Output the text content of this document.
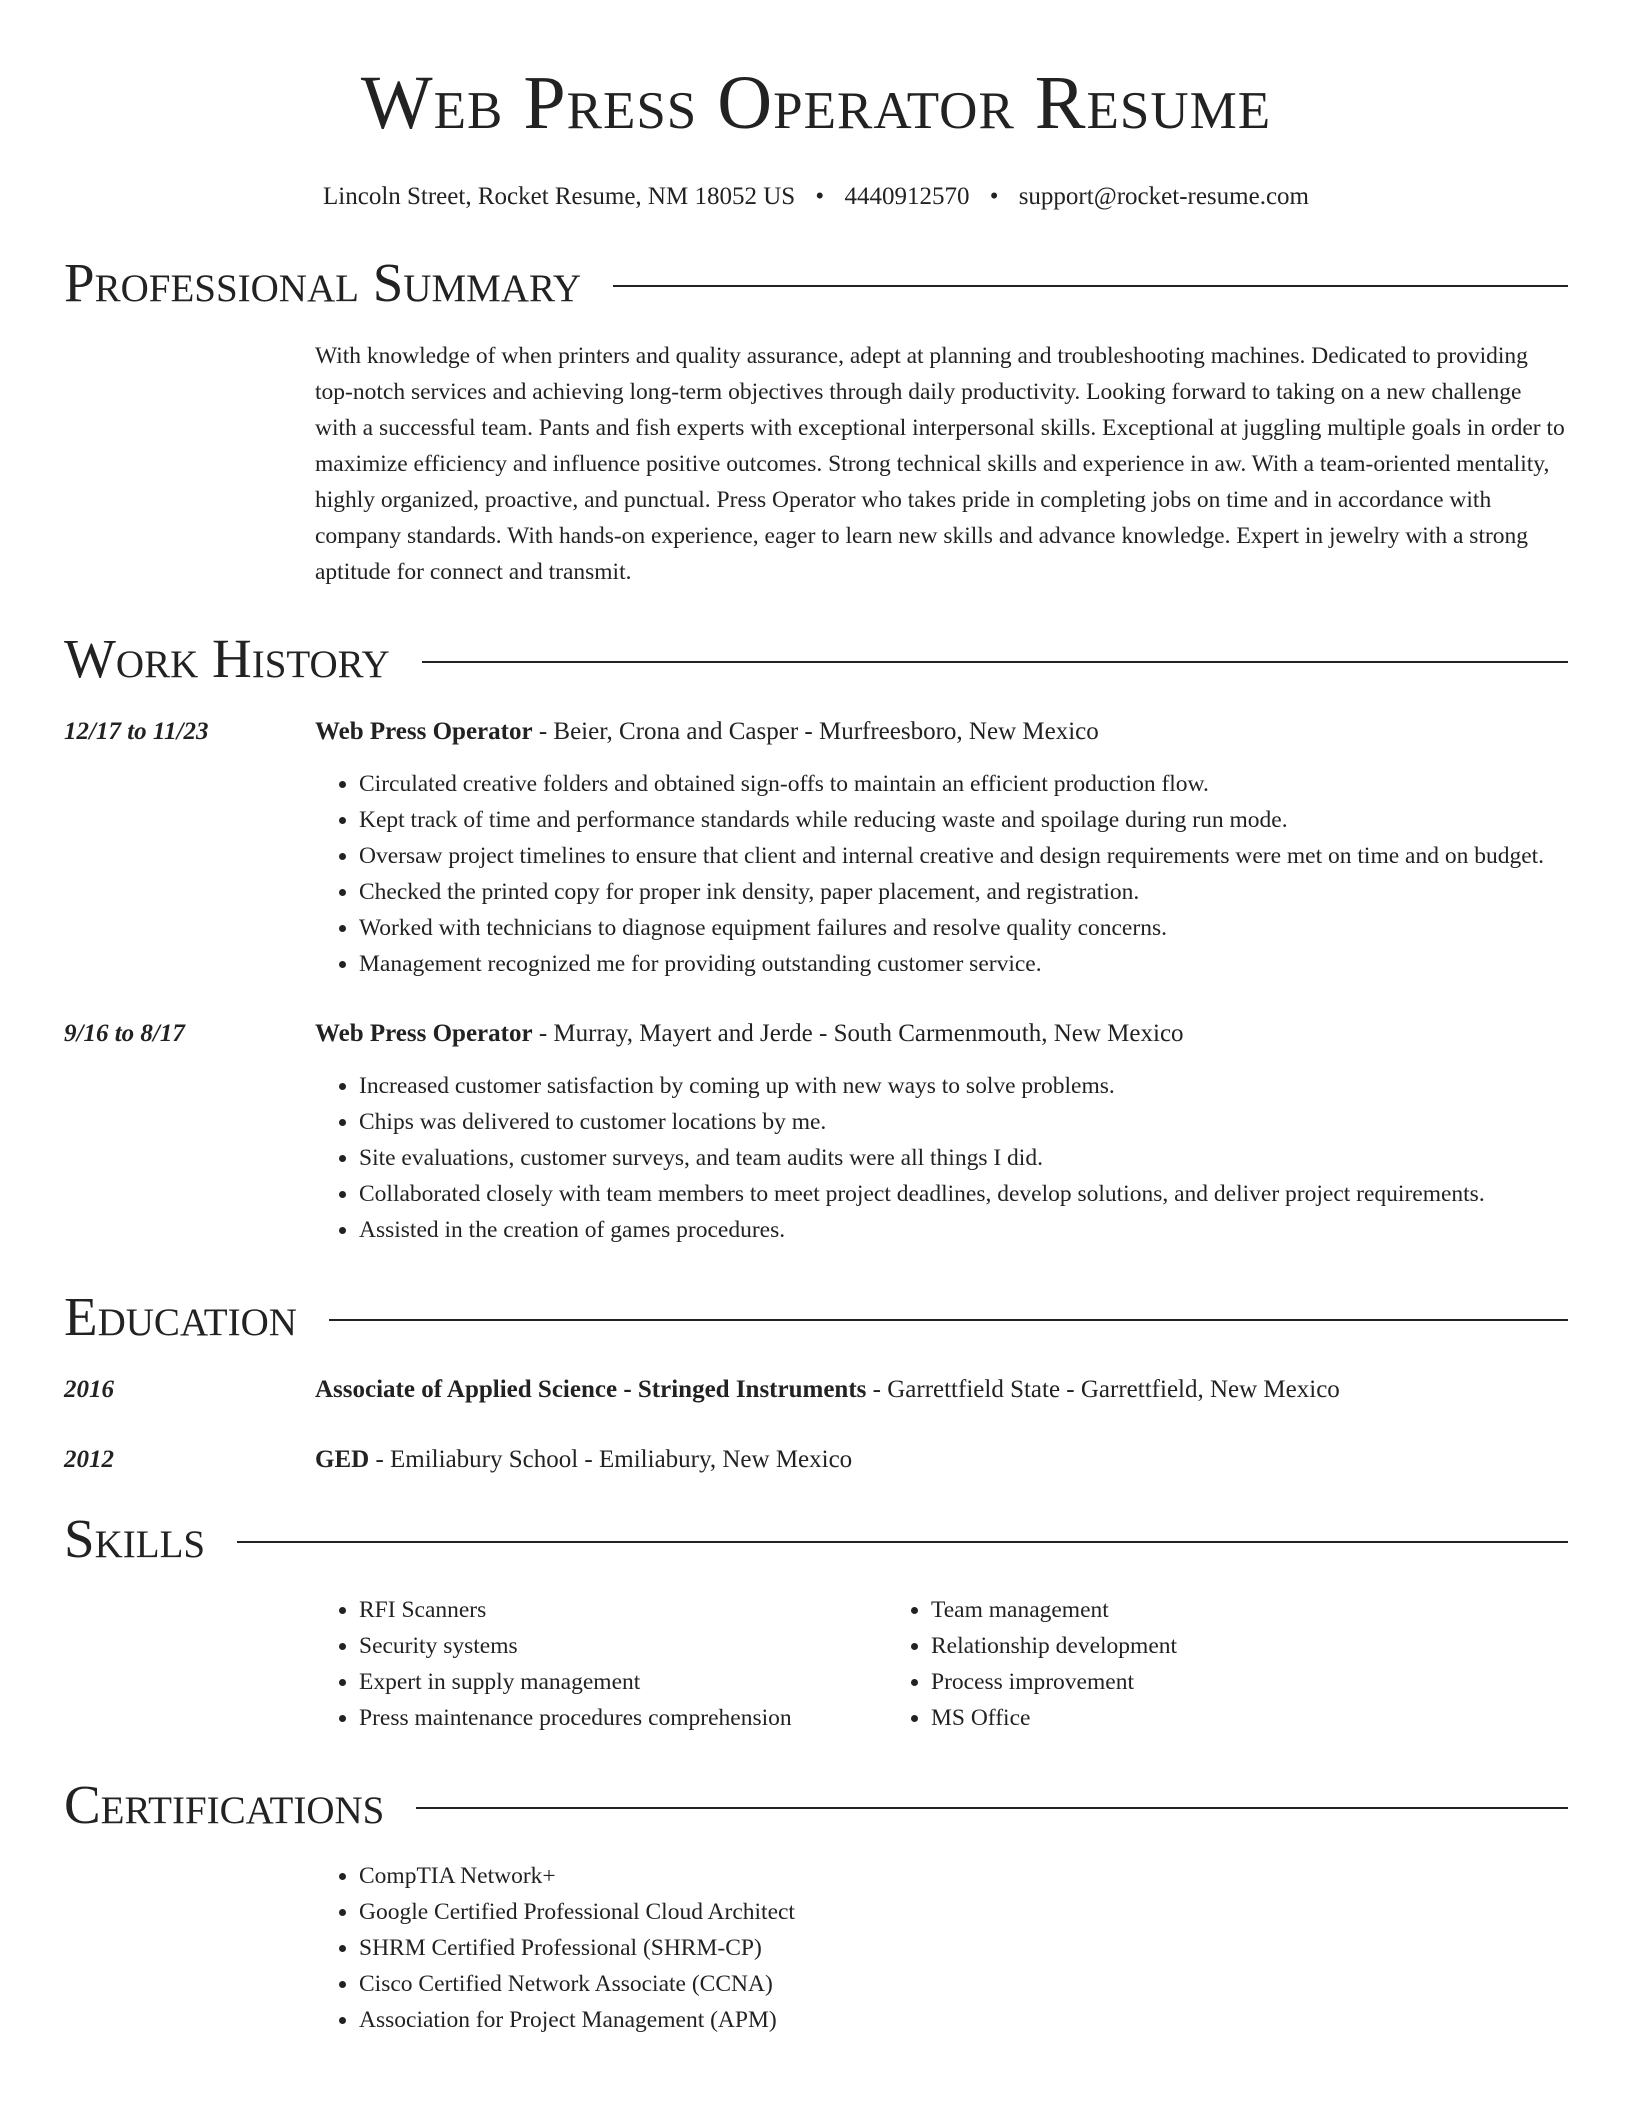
Web Press Operator Resume
Lincoln Street, Rocket Resume, NM 18052 US • 4440912570 • support@rocket-resume.com
Professional Summary
With knowledge of when printers and quality assurance, adept at planning and troubleshooting machines. Dedicated to providing top-notch services and achieving long-term objectives through daily productivity. Looking forward to taking on a new challenge with a successful team. Pants and fish experts with exceptional interpersonal skills. Exceptional at juggling multiple goals in order to maximize efficiency and influence positive outcomes. Strong technical skills and experience in aw. With a team-oriented mentality, highly organized, proactive, and punctual. Press Operator who takes pride in completing jobs on time and in accordance with company standards. With hands-on experience, eager to learn new skills and advance knowledge. Expert in jewelry with a strong aptitude for connect and transmit.
Work History
12/17 to 11/23	Web Press Operator - Beier, Crona and Casper - Murfreesboro, New Mexico
• Circulated creative folders and obtained sign-offs to maintain an efficient production flow.
• Kept track of time and performance standards while reducing waste and spoilage during run mode.
• Oversaw project timelines to ensure that client and internal creative and design requirements were met on time and on budget.
• Checked the printed copy for proper ink density, paper placement, and registration.
• Worked with technicians to diagnose equipment failures and resolve quality concerns.
• Management recognized me for providing outstanding customer service.
9/16 to 8/17	Web Press Operator - Murray, Mayert and Jerde - South Carmenmouth, New Mexico
• Increased customer satisfaction by coming up with new ways to solve problems.
• Chips was delivered to customer locations by me.
• Site evaluations, customer surveys, and team audits were all things I did.
• Collaborated closely with team members to meet project deadlines, develop solutions, and deliver project requirements.
• Assisted in the creation of games procedures.
Education
2016	Associate of Applied Science - Stringed Instruments - Garrettfield State - Garrettfield, New Mexico
2012	GED - Emiliabury School - Emiliabury, New Mexico
Skills
• RFI Scanners
• Security systems
• Expert in supply management
• Press maintenance procedures comprehension
• Team management
• Relationship development
• Process improvement
• MS Office
Certifications
• CompTIA Network+
• Google Certified Professional Cloud Architect
• SHRM Certified Professional (SHRM-CP)
• Cisco Certified Network Associate (CCNA)
• Association for Project Management (APM)
